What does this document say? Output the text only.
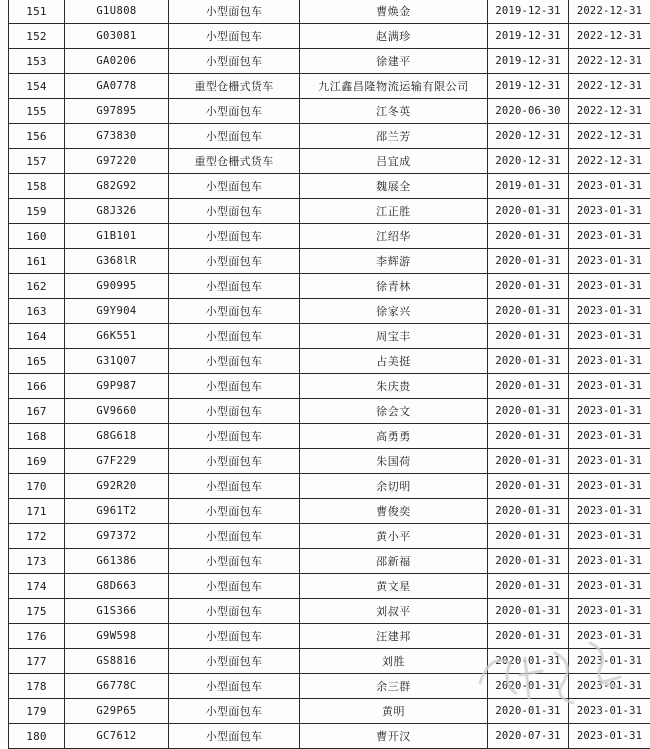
151	G1U808	小型面包车	曹焕金	2019-12-31	2022-12-31
152	G03081	小型面包车	赵满珍	2019-12-31	2022-12-31
153	GA0206	小型面包车	徐建平	2019-12-31	2022-12-31
154	GA0778	重型仓栅式货车	九江鑫昌隆物流运输有限公司	2019-12-31	2022-12-31
155	G97895	小型面包车	江冬英	2020-06-30	2022-12-31
156	G73830	小型面包车	邵兰芳	2020-12-31	2022-12-31
157	G97220	重型仓栅式货车	吕宜成	2020-12-31	2022-12-31
158	G82G92	小型面包车	魏展全	2019-01-31	2023-01-31
159	G8J326	小型面包车	江正胜	2020-01-31	2023-01-31
160	G1B101	小型面包车	江绍华	2020-01-31	2023-01-31
161	G368lR	小型面包车	李辉游	2020-01-31	2023-01-31
162	G90995	小型面包车	徐青林	2020-01-31	2023-01-31
163	G9Y904	小型面包车	徐家兴	2020-01-31	2023-01-31
164	G6K551	小型面包车	周宝丰	2020-01-31	2023-01-31
165	G31Q07	小型面包车	占美挺	2020-01-31	2023-01-31
166	G9P987	小型面包车	朱庆贵	2020-01-31	2023-01-31
167	GV9660	小型面包车	徐会文	2020-01-31	2023-01-31
168	G8G618	小型面包车	高勇勇	2020-01-31	2023-01-31
169	G7F229	小型面包车	朱国荷	2020-01-31	2023-01-31
170	G92R20	小型面包车	余切明	2020-01-31	2023-01-31
171	G961T2	小型面包车	曹俊奕	2020-01-31	2023-01-31
172	G97372	小型面包车	黄小平	2020-01-31	2023-01-31
173	G61386	小型面包车	邵新福	2020-01-31	2023-01-31
174	G8D663	小型面包车	黄文星	2020-01-31	2023-01-31
175	G1S366	小型面包车	刘叔平	2020-01-31	2023-01-31
176	G9W598	小型面包车	汪建邦	2020-01-31	2023-01-31
177	GS8816	小型面包车	刘胜	2020-01-31	2023-01-31
178	G6778C	小型面包车	余三群	2020-01-31	2023-01-31
179	G29P65	小型面包车	黄明	2020-01-31	2023-01-31
180	GC7612	小型面包车	曹开汉	2020-07-31	2023-01-31
